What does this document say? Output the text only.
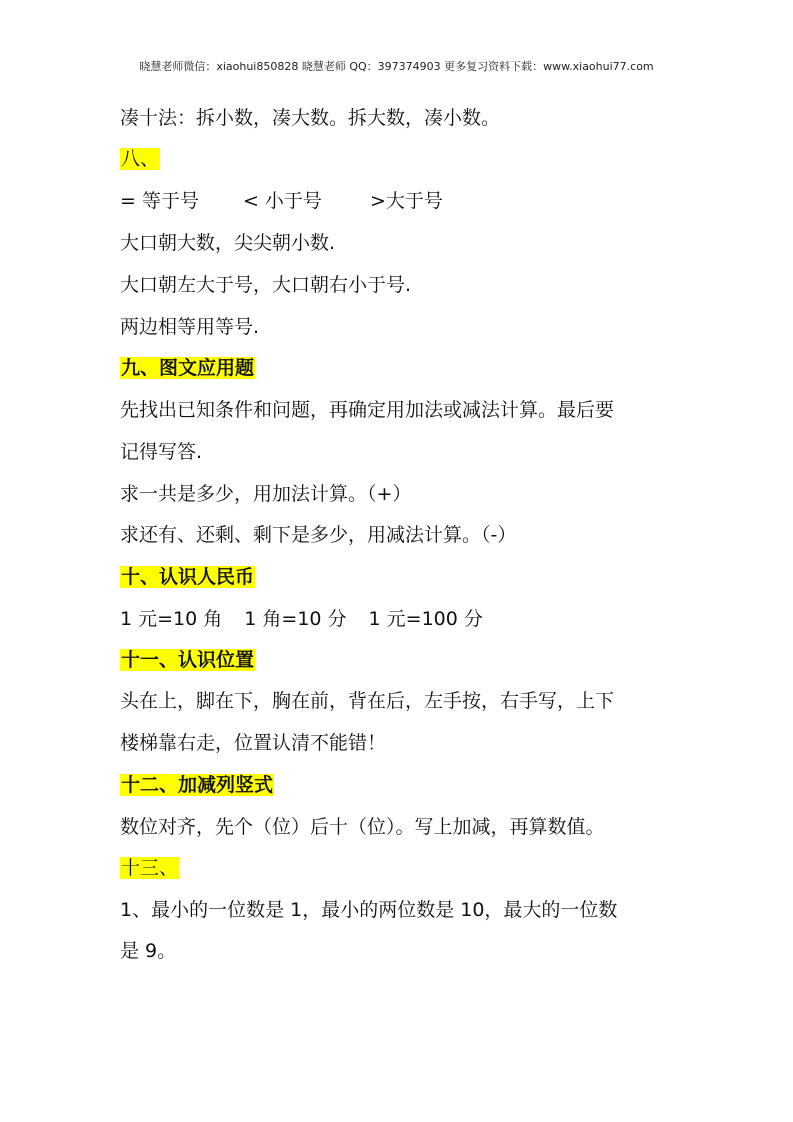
晓慧老师微信：xiaohui850828 晓慧老师 QQ：397374903 更多复习资料下载：www.xiaohui77.com
凑十法：拆小数，凑大数。拆大数，凑小数。
八、
= 等于号 < 小于号	>大于号
大口朝大数，尖尖朝小数.
大口朝左大于号，大口朝右小于号.
两边相等用等号.
九、图文应用题
先找出已知条件和问题，再确定用加法或减法计算。最后要
记得写答.
求一共是多少，用加法计算。（+）
求还有、还剩、剩下是多少，用减法计算。（-）
十、认识人民币
1 元=10 角 1 角=10 分 1 元=100 分
十一、认识位置
头在上，脚在下，胸在前，背在后，左手按，右手写，上下
楼梯靠右走，位置认清不能错！
十二、加减列竖式
数位对齐，先个（位）后十（位）。写上加减，再算数值。
十三、
1、最小的一位数是 1，最小的两位数是 10，最大的一位数
是 9。
